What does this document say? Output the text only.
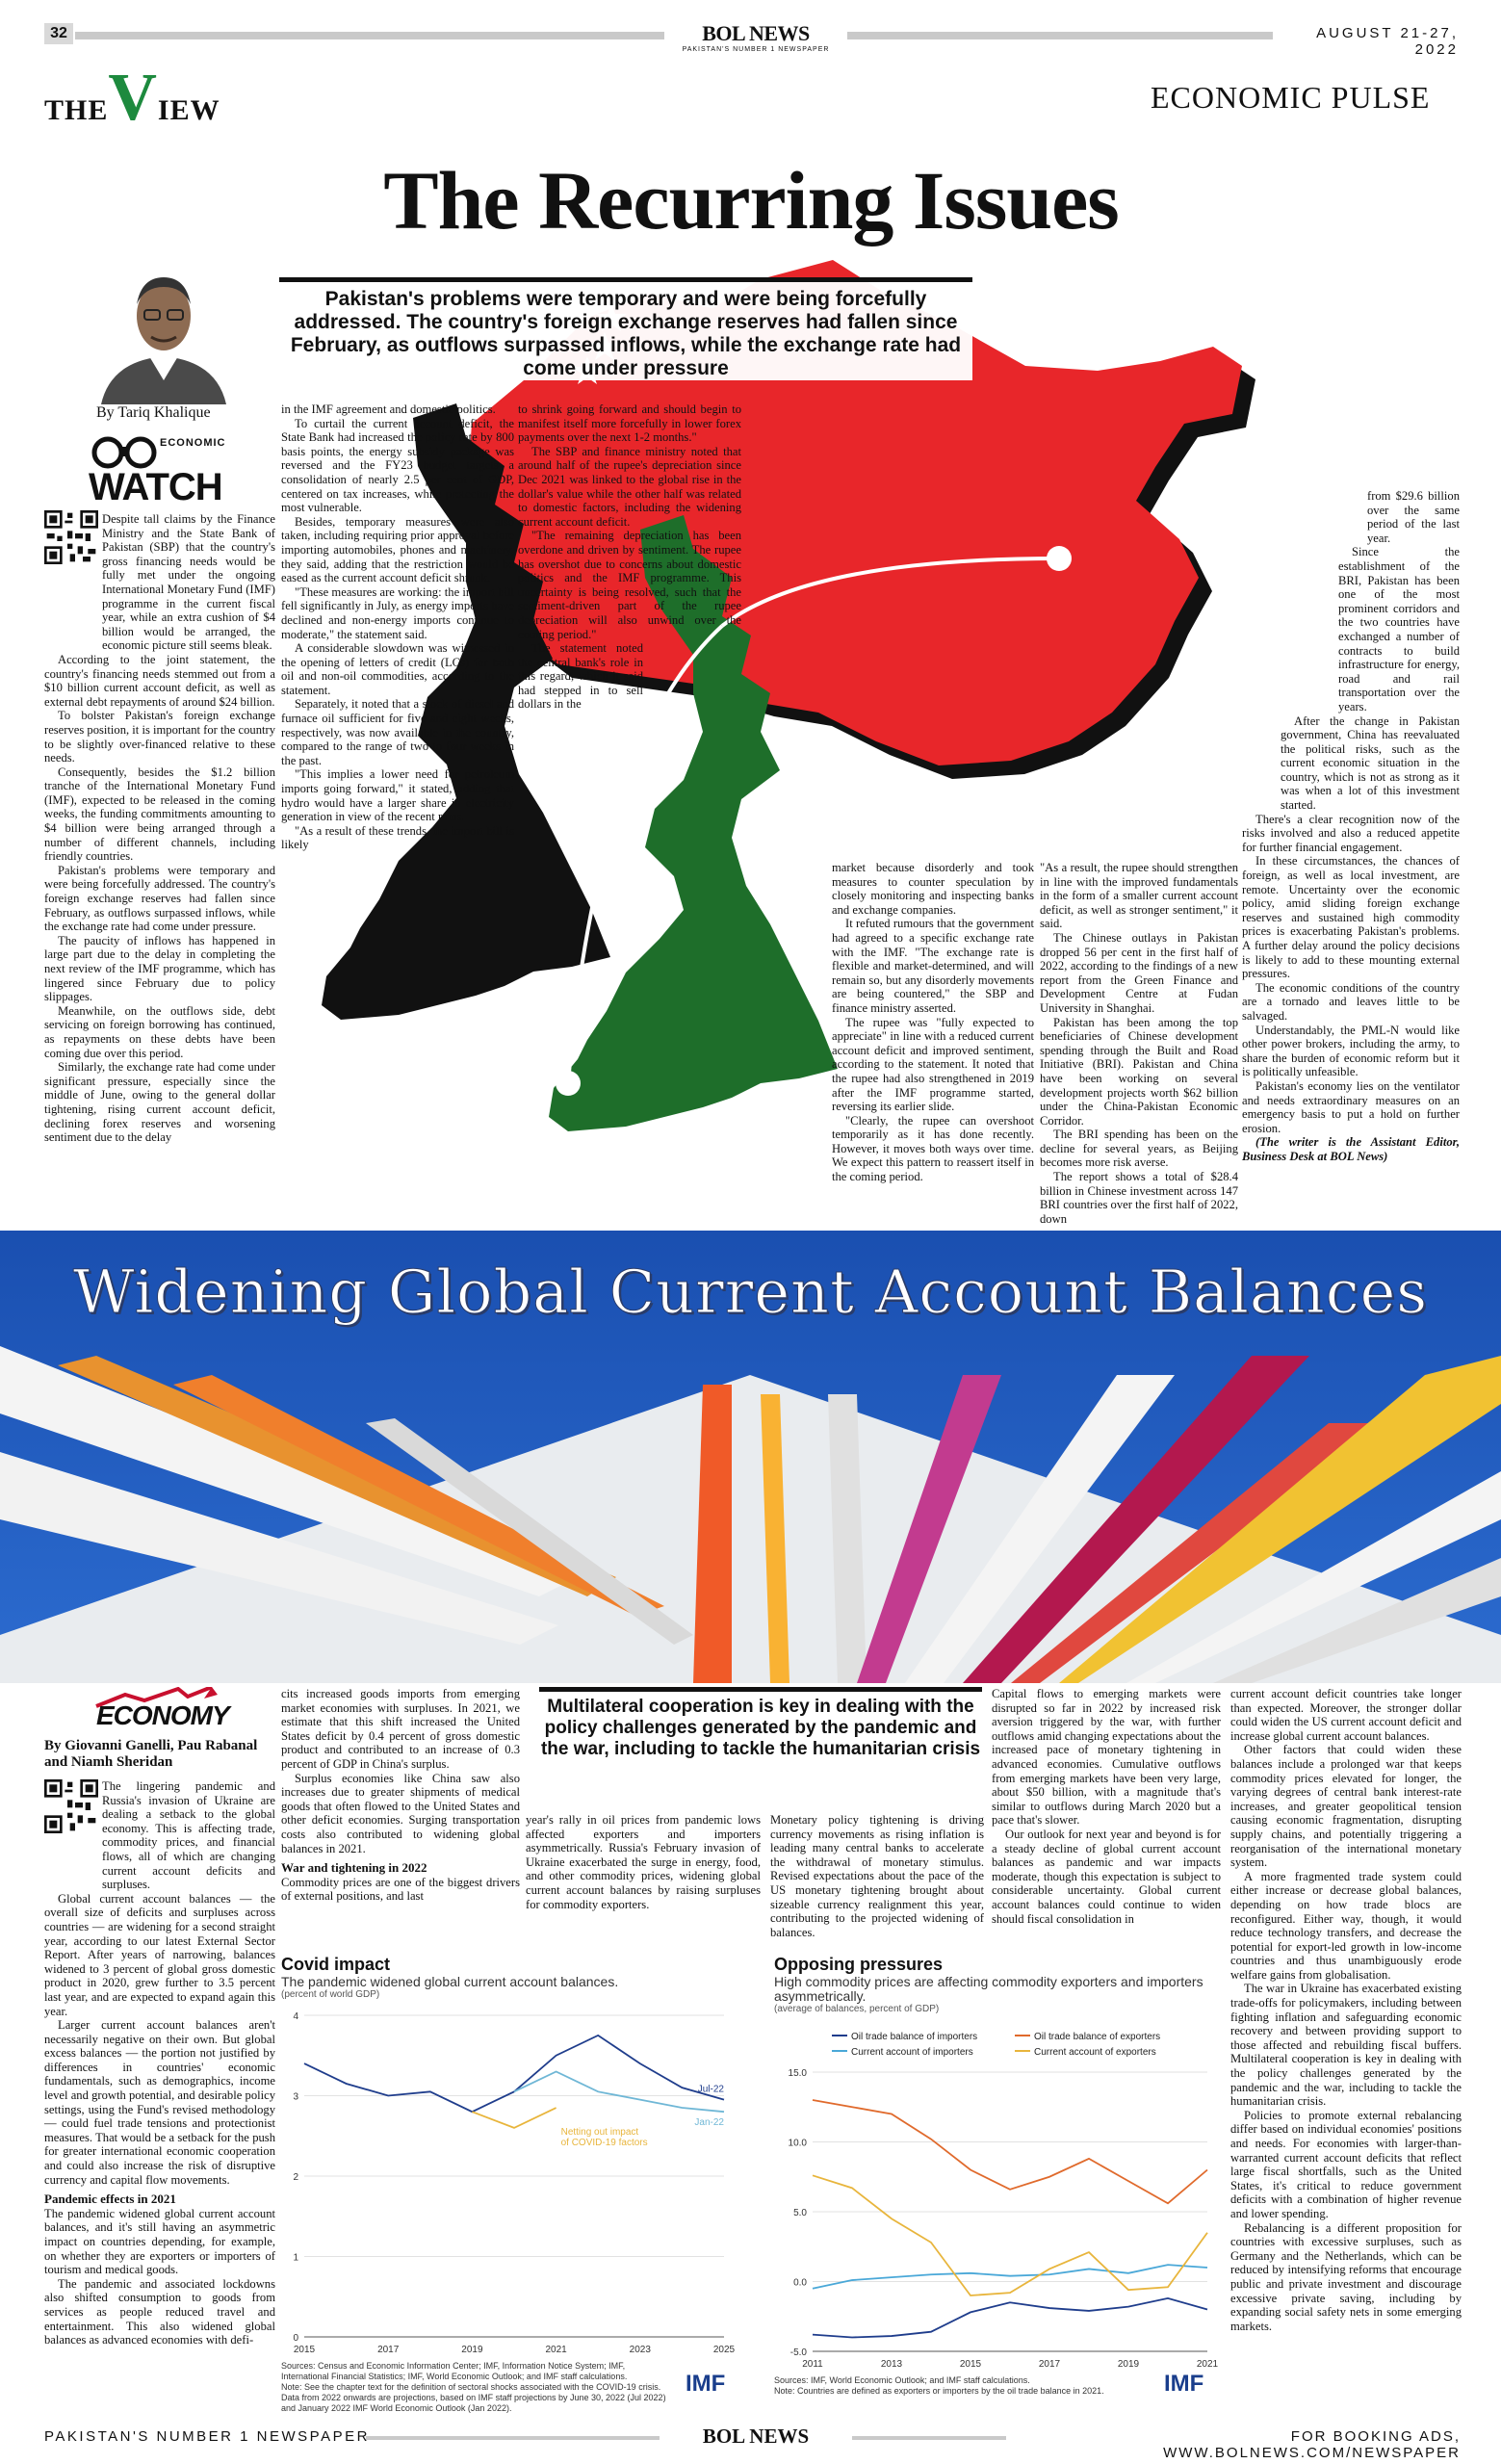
32	BOL NEWS
PAKISTAN'S NUMBER 1 NEWSPAPER
AUGUST 21-27, 2022
THEVIEW	ECONOMIC PULSE
The Recurring Issues
By Tariq Khalique
ECONOMIC
WATCH
Pakistan's problems were temporary and were being forcefully addressed. The country's foreign exchange reserves had fallen since February, as outflows surpassed inflows, while the exchange rate had come under pressure

Despite tall claims by the Finance Ministry and the State Bank of Pakistan (SBP) that the country's gross financing needs would be fully met under the ongoing International Monetary Fund (IMF) programme in the current fiscal year, while an extra cushion of $4 billion would be arranged, the economic picture still seems bleak.

According to the joint statement, the country's financing needs stemmed out from a $10 billion current account deficit, as well as external debt repayments of around $24 billion.

To bolster Pakistan's foreign exchange reserves position, it is important for the country to be slightly over-financed relative to these needs.

Consequently, besides the $1.2 billion tranche of the International Monetary Fund (IMF), expected to be released in the coming weeks, the funding commitments amounting to $4 billion were being arranged through a number of different channels, including friendly countries.

Pakistan's problems were temporary and were being forcefully addressed. The country's foreign exchange reserves had fallen since February, as outflows surpassed inflows, while the exchange rate had come under pressure.

The paucity of inflows has happened in large part due to the delay in completing the next review of the IMF programme, which has lingered since February due to policy slippages.

Meanwhile, on the outflows side, debt servicing on foreign borrowing has continued, as repayments on these debts have been coming due over this period.

Similarly, the exchange rate had come under significant pressure, especially since the middle of June, owing to the general dollar tightening, rising current account deficit, declining forex reserves and worsening sentiment due to the delay

in the IMF agreement and domestic politics.

To curtail the current account deficit, the State Bank had increased the policy rate by 800 basis points, the energy subsidy package was reversed and the FY23 budget targets a consolidation of nearly 2.5 per cent of GDP, centered on tax increases, while protecting the most vulnerable.

Besides, temporary measures were also taken, including requiring prior approval before importing automobiles, phones and machinery, they said, adding that the restriction would be eased as the current account deficit shrunk.

"These measures are working: the import bill fell significantly in July, as energy imports have declined and non-energy imports continue to moderate," the statement said.

A considerable slowdown was witnessed in the opening of letters of credit (LCs) for both oil and non-oil commodities, according to the statement.

Separately, it noted that a stock of diesel and furnace oil sufficient for five and eight weeks, respectively, was now available in the country, compared to the range of two to four weeks in the past.

"This implies a lower need for petroleum imports going forward," it stated, adding that hydro would have a larger share in electricity generation in view of the recent rains.

"As a result of these trends, the import bill is likely

to shrink going forward and should begin to manifest itself more forcefully in lower forex payments over the next 1-2 months."

The SBP and finance ministry noted that around half of the rupee's depreciation since Dec 2021 was linked to the global rise in the dollar's value while the other half was related to domestic factors, including the widening current account deficit.

"The remaining depreciation has been overdone and driven by sentiment. The rupee has overshot due to concerns about domestic politics and the IMF programme. This uncertainty is being resolved, such that the sentiment-driven part of the rupee depreciation will also unwind over the coming period."

The statement noted the central bank's role in this regard, which it said had stepped in to sell dollars in the

market because disorderly and took measures to counter speculation by closely monitoring and inspecting banks and exchange companies.

It refuted rumours that the government had agreed to a specific exchange rate with the IMF. "The exchange rate is flexible and market-determined, and will remain so, but any disorderly movements are being countered," the SBP and finance ministry asserted.

The rupee was "fully expected to appreciate" in line with a reduced current account deficit and improved sentiment, according to the statement. It noted that the rupee had also strengthened in 2019 after the IMF programme started, reversing its earlier slide.

"Clearly, the rupee can overshoot temporarily as it has done recently. However, it moves both ways over time. We expect this pattern to reassert itself in the coming period.

"As a result, the rupee should strengthen in line with the improved fundamentals in the form of a smaller current account deficit, as well as stronger sentiment," it said.

The Chinese outlays in Pakistan dropped 56 per cent in the first half of 2022, according to the findings of a new report from the Green Finance and Development Centre at Fudan University in Shanghai.

Pakistan has been among the top beneficiaries of Chinese development spending through the Built and Road Initiative (BRI). Pakistan and China have been working on several development projects worth $62 billion under the China-Pakistan Economic Corridor.

The BRI spending has been on the decline for several years, as Beijing becomes more risk averse.

The report shows a total of $28.4 billion in Chinese investment across 147 BRI countries over the first half of 2022, down

from $29.6 billion over the same period of the last year.

Since the establishment of the BRI, Pakistan has been one of the most prominent corridors and the two countries have exchanged a number of contracts to build infrastructure for energy, road and rail transportation over the years.

After the change in Pakistan government, China has reevaluated the political risks, such as the current economic situation in the country, which is not as strong as it was when a lot of this investment started.

There's a clear recognition now of the risks involved and also a reduced appetite for further financial engagement.

In these circumstances, the chances of foreign, as well as local investment, are remote. Uncertainty over the economic policy, amid sliding foreign exchange reserves and sustained high commodity prices is exacerbating Pakistan's problems. A further delay around the policy decisions is likely to add to these mounting external pressures.

The economic conditions of the country are a tornado and leaves little to be salvaged.

Understandably, the PML-N would like other power brokers, including the army, to share the burden of economic reform but it is politically unfeasible.

Pakistan's economy lies on the ventilator and needs extraordinary measures on an emergency basis to put a hold on further erosion.

(The writer is the Assistant Editor, Business Desk at BOL News)

Widening Global Current Account Balances
ECONOMY
By Giovanni Ganelli, Pau Rabanal and Niamh Sheridan

The lingering pandemic and Russia's invasion of Ukraine are dealing a setback to the global economy. This is affecting trade, commodity prices, and financial flows, all of which are changing current account deficits and surpluses.

Global current account balances — the overall size of deficits and surpluses across countries — are widening for a second straight year, according to our latest External Sector Report. After years of narrowing, balances widened to 3 percent of global gross domestic product in 2020, grew further to 3.5 percent last year, and are expected to expand again this year.

Larger current account balances aren't necessarily negative on their own. But global excess balances — the portion not justified by differences in countries' economic fundamentals, such as demographics, income level and growth potential, and desirable policy settings, using the Fund's revised methodology — could fuel trade tensions and protectionist measures. That would be a setback for the push for greater international economic cooperation and could also increase the risk of disruptive currency and capital flow movements.

Pandemic effects in 2021

The pandemic widened global current account balances, and it's still having an asymmetric impact on countries depending, for example, on whether they are exporters or importers of tourism and medical goods.

The pandemic and associated lockdowns also shifted consumption to goods from services as people reduced travel and entertainment. This also widened global balances as advanced economies with defi-

cits increased goods imports from emerging market economies with surpluses. In 2021, we estimate that this shift increased the United States deficit by 0.4 percent of gross domestic product and contributed to an increase of 0.3 percent of GDP in China's surplus.

Surplus economies like China saw also increases due to greater shipments of medical goods that often flowed to the United States and other deficit economies. Surging transportation costs also contributed to widening global balances in 2021.

War and tightening in 2022

Commodity prices are one of the biggest drivers of external positions, and last

year's rally in oil prices from pandemic lows affected exporters and importers asymmetrically. Russia's February invasion of Ukraine exacerbated the surge in energy, food, and other commodity prices, widening global current account balances by raising surpluses for commodity exporters.

Monetary policy tightening is driving currency movements as rising inflation is leading many central banks to accelerate the withdrawal of monetary stimulus. Revised expectations about the pace of the US monetary tightening brought about sizeable currency realignment this year, contributing to the projected widening of balances.

Multilateral cooperation is key in dealing with the policy challenges generated by the pandemic and the war, including to tackle the humanitarian crisis

Capital flows to emerging markets were disrupted so far in 2022 by increased risk aversion triggered by the war, with further outflows amid changing expectations about the increased pace of monetary tightening in advanced economies. Cumulative outflows from emerging markets have been very large, about $50 billion, with a magnitude that's similar to outflows during March 2020 but a pace that's slower.

Our outlook for next year and beyond is for a steady decline of global current account balances as pandemic and war impacts moderate, though this expectation is subject to considerable uncertainty. Global current account balances could continue to widen should fiscal consolidation in

current account deficit countries take longer than expected. Moreover, the stronger dollar could widen the US current account deficit and increase global current account balances.

Other factors that could widen these balances include a prolonged war that keeps commodity prices elevated for longer, the varying degrees of central bank interest-rate increases, and greater geopolitical tension causing economic fragmentation, disrupting supply chains, and potentially triggering a reorganisation of the international monetary system.

A more fragmented trade system could either increase or decrease global balances, depending on how trade blocs are reconfigured. Either way, though, it would reduce technology transfers, and decrease the potential for export-led growth in low-income countries and thus unambiguously erode welfare gains from globalisation.

The war in Ukraine has exacerbated existing trade-offs for policymakers, including between fighting inflation and safeguarding economic recovery and between providing support to those affected and rebuilding fiscal buffers. Multilateral cooperation is key in dealing with the policy challenges generated by the pandemic and the war, including to tackle the humanitarian crisis.

Policies to promote external rebalancing differ based on individual economies' positions and needs. For economies with larger-than-warranted current account deficits that reflect large fiscal shortfalls, such as the United States, it's critical to reduce government deficits with a combination of higher revenue and lower spending.

Rebalancing is a different proposition for countries with excessive surpluses, such as Germany and the Netherlands, which can be reduced by intensifying reforms that encourage public and private investment and discourage excessive private saving, including by expanding social safety nets in some emerging markets.

Covid impact
The pandemic widened global current account balances.
(percent of world GDP)
0
1
2
3
4
2015	2017	2019	2021	2023	2025
Jul-22
Jan-22
Netting out impact of COVID-19 factors
Sources: Census and Economic Information Center; IMF, Information Notice System; IMF, International Financial Statistics; IMF, World Economic Outlook; and IMF staff calculations.
Note: See the chapter text for the definition of sectoral shocks associated with the COVID-19 crisis. Data from 2022 onwards are projections, based on IMF staff projections by June 30, 2022 (Jul 2022) and January 2022 IMF World Economic Outlook (Jan 2022).
IMF
Opposing pressures
High commodity prices are affecting commodity exporters and importers asymmetrically.
(average of balances, percent of GDP)
-5.0
0.0
5.0
10.0
15.0
2011	2013	2015	2017	2019	2021
Oil trade balance of importers	Oil trade balance of exporters
Current account of importers	Current account of exporters
Sources: IMF, World Economic Outlook; and IMF staff calculations.
Note: Countries are defined as exporters or importers by the oil trade balance in 2021.	IMF
PAKISTAN'S NUMBER 1 NEWSPAPER	BOL NEWS	FOR BOOKING ADS, WWW.BOLNEWS.COM/NEWSPAPER
